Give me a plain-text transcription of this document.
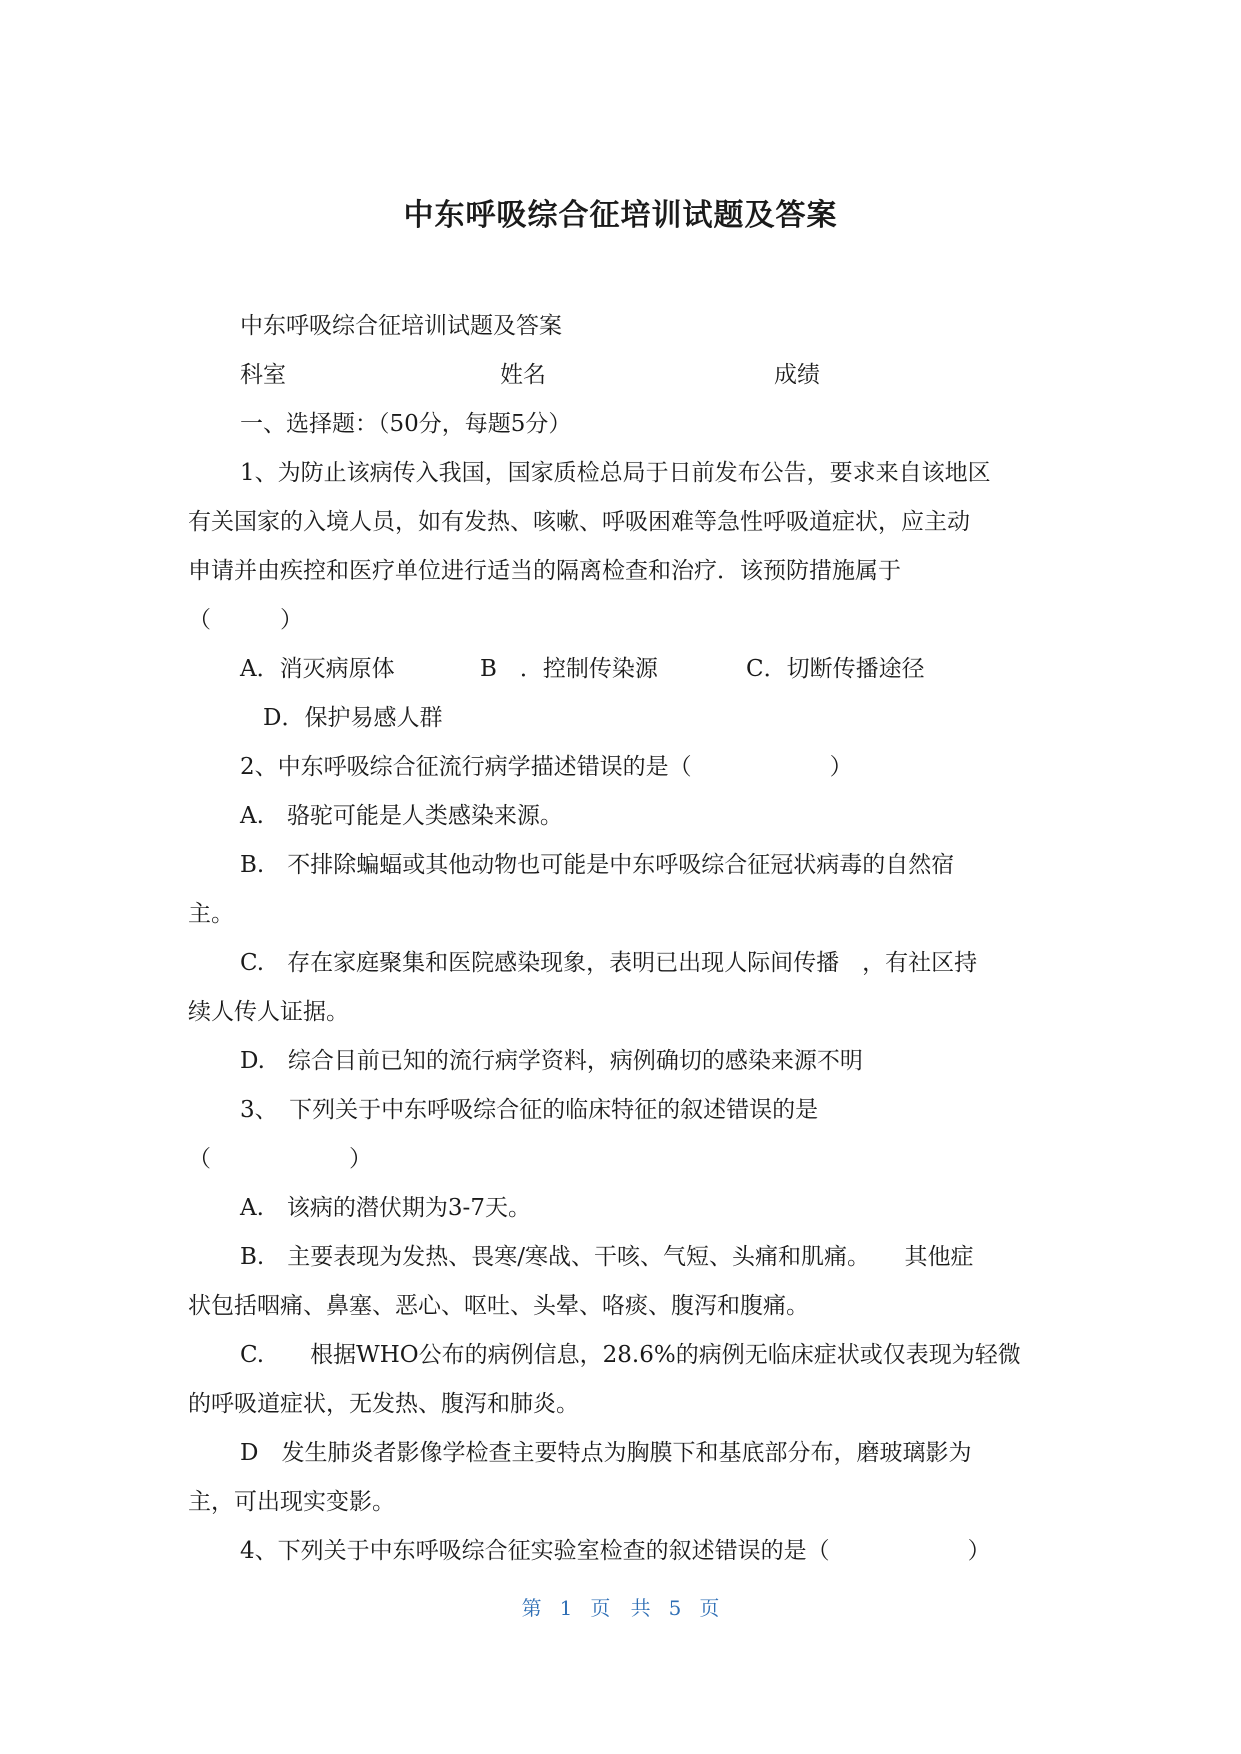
中东呼吸综合征培训试题及答案
中东呼吸综合征培训试题及答案
科室	姓名	成绩
一、选择题：（50分，每题5分）
1、为防止该病传入我国，国家质检总局于日前发布公告，要求来自该地区
有关国家的入境人员，如有发热、咳嗽、呼吸困难等急性呼吸道症状，应主动
申请并由疾控和医疗单位进行适当的隔离检查和治疗．该预防措施属于
（　　　）
A．消灭病原体	B　．控制传染源	C．切断传播途径
D．保护易感人群
2、中东呼吸综合征流行病学描述错误的是（　　　　　　）
A.　骆驼可能是人类感染来源。
B.　不排除蝙蝠或其他动物也可能是中东呼吸综合征冠状病毒的自然宿
主。
C.　存在家庭聚集和医院感染现象，表明已出现人际间传播　，有社区持
续人传人证据。
D.　综合目前已知的流行病学资料，病例确切的感染来源不明
3、　下列关于中东呼吸综合征的临床特征的叙述错误的是
（　　　　　　）
A.　该病的潜伏期为3-7天。
B.　主要表现为发热、畏寒/寒战、干咳、气短、头痛和肌痛。　　其他症
状包括咽痛、鼻塞、恶心、呕吐、头晕、咯痰、腹泻和腹痛。
C.　　根据WHO公布的病例信息，28.6%的病例无临床症状或仅表现为轻微
的呼吸道症状，无发热、腹泻和肺炎。
D　发生肺炎者影像学检查主要特点为胸膜下和基底部分布，磨玻璃影为
主，可出现实变影。
4、下列关于中东呼吸综合征实验室检查的叙述错误的是（　　　　　　）
第 1 页 共 5 页
